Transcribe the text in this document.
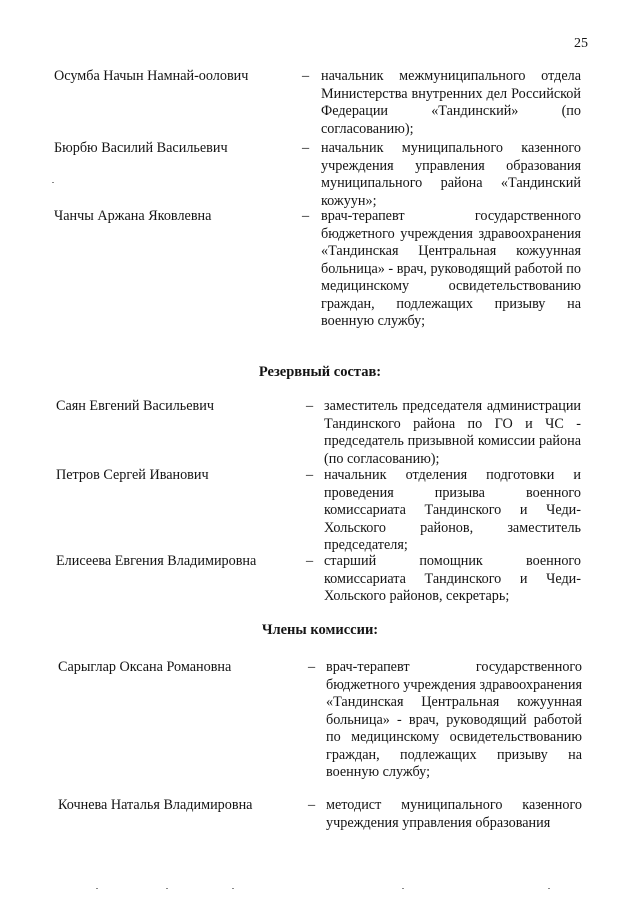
25
Осумба Начын Намнай-оолович	– начальник межмуниципального отдела Министерства внутренних дел Российской Федерации «Тандинский» (по согласованию);
Бюрбю Василий Васильевич	– начальник муниципального казенного учреждения управления образования муниципального района «Тандинский кожуун»;
Чанчы Аржана Яковлевна	– врач-терапевт государственного бюджетного учреждения здравоохранения «Тандинская Центральная кожуунная больница» - врач, руководящий работой по медицинскому освидетельствованию граждан, подлежащих призыву на военную службу;
Резервный состав:
Саян Евгений Васильевич	– заместитель председателя администрации Тандинского района по ГО и ЧС - председатель призывной комиссии района (по согласованию);
Петров Сергей Иванович	– начальник отделения подготовки и проведения призыва военного комиссариата Тандинского и Чеди-Хольского районов, заместитель председателя;
Елисеева Евгения Владимировна	– старший помощник военного комиссариата Тандинского и Чеди-Хольского районов, секретарь;
Члены комиссии:
Сарыглар Оксана Романовна	– врач-терапевт государственного бюджетного учреждения здравоохранения «Тандинская Центральная кожуунная больница» - врач, руководящий работой по медицинскому освидетельствованию граждан, подлежащих призыву на военную службу;
Кочнева Наталья Владимировна	– методист муниципального казенного учреждения управления образования
